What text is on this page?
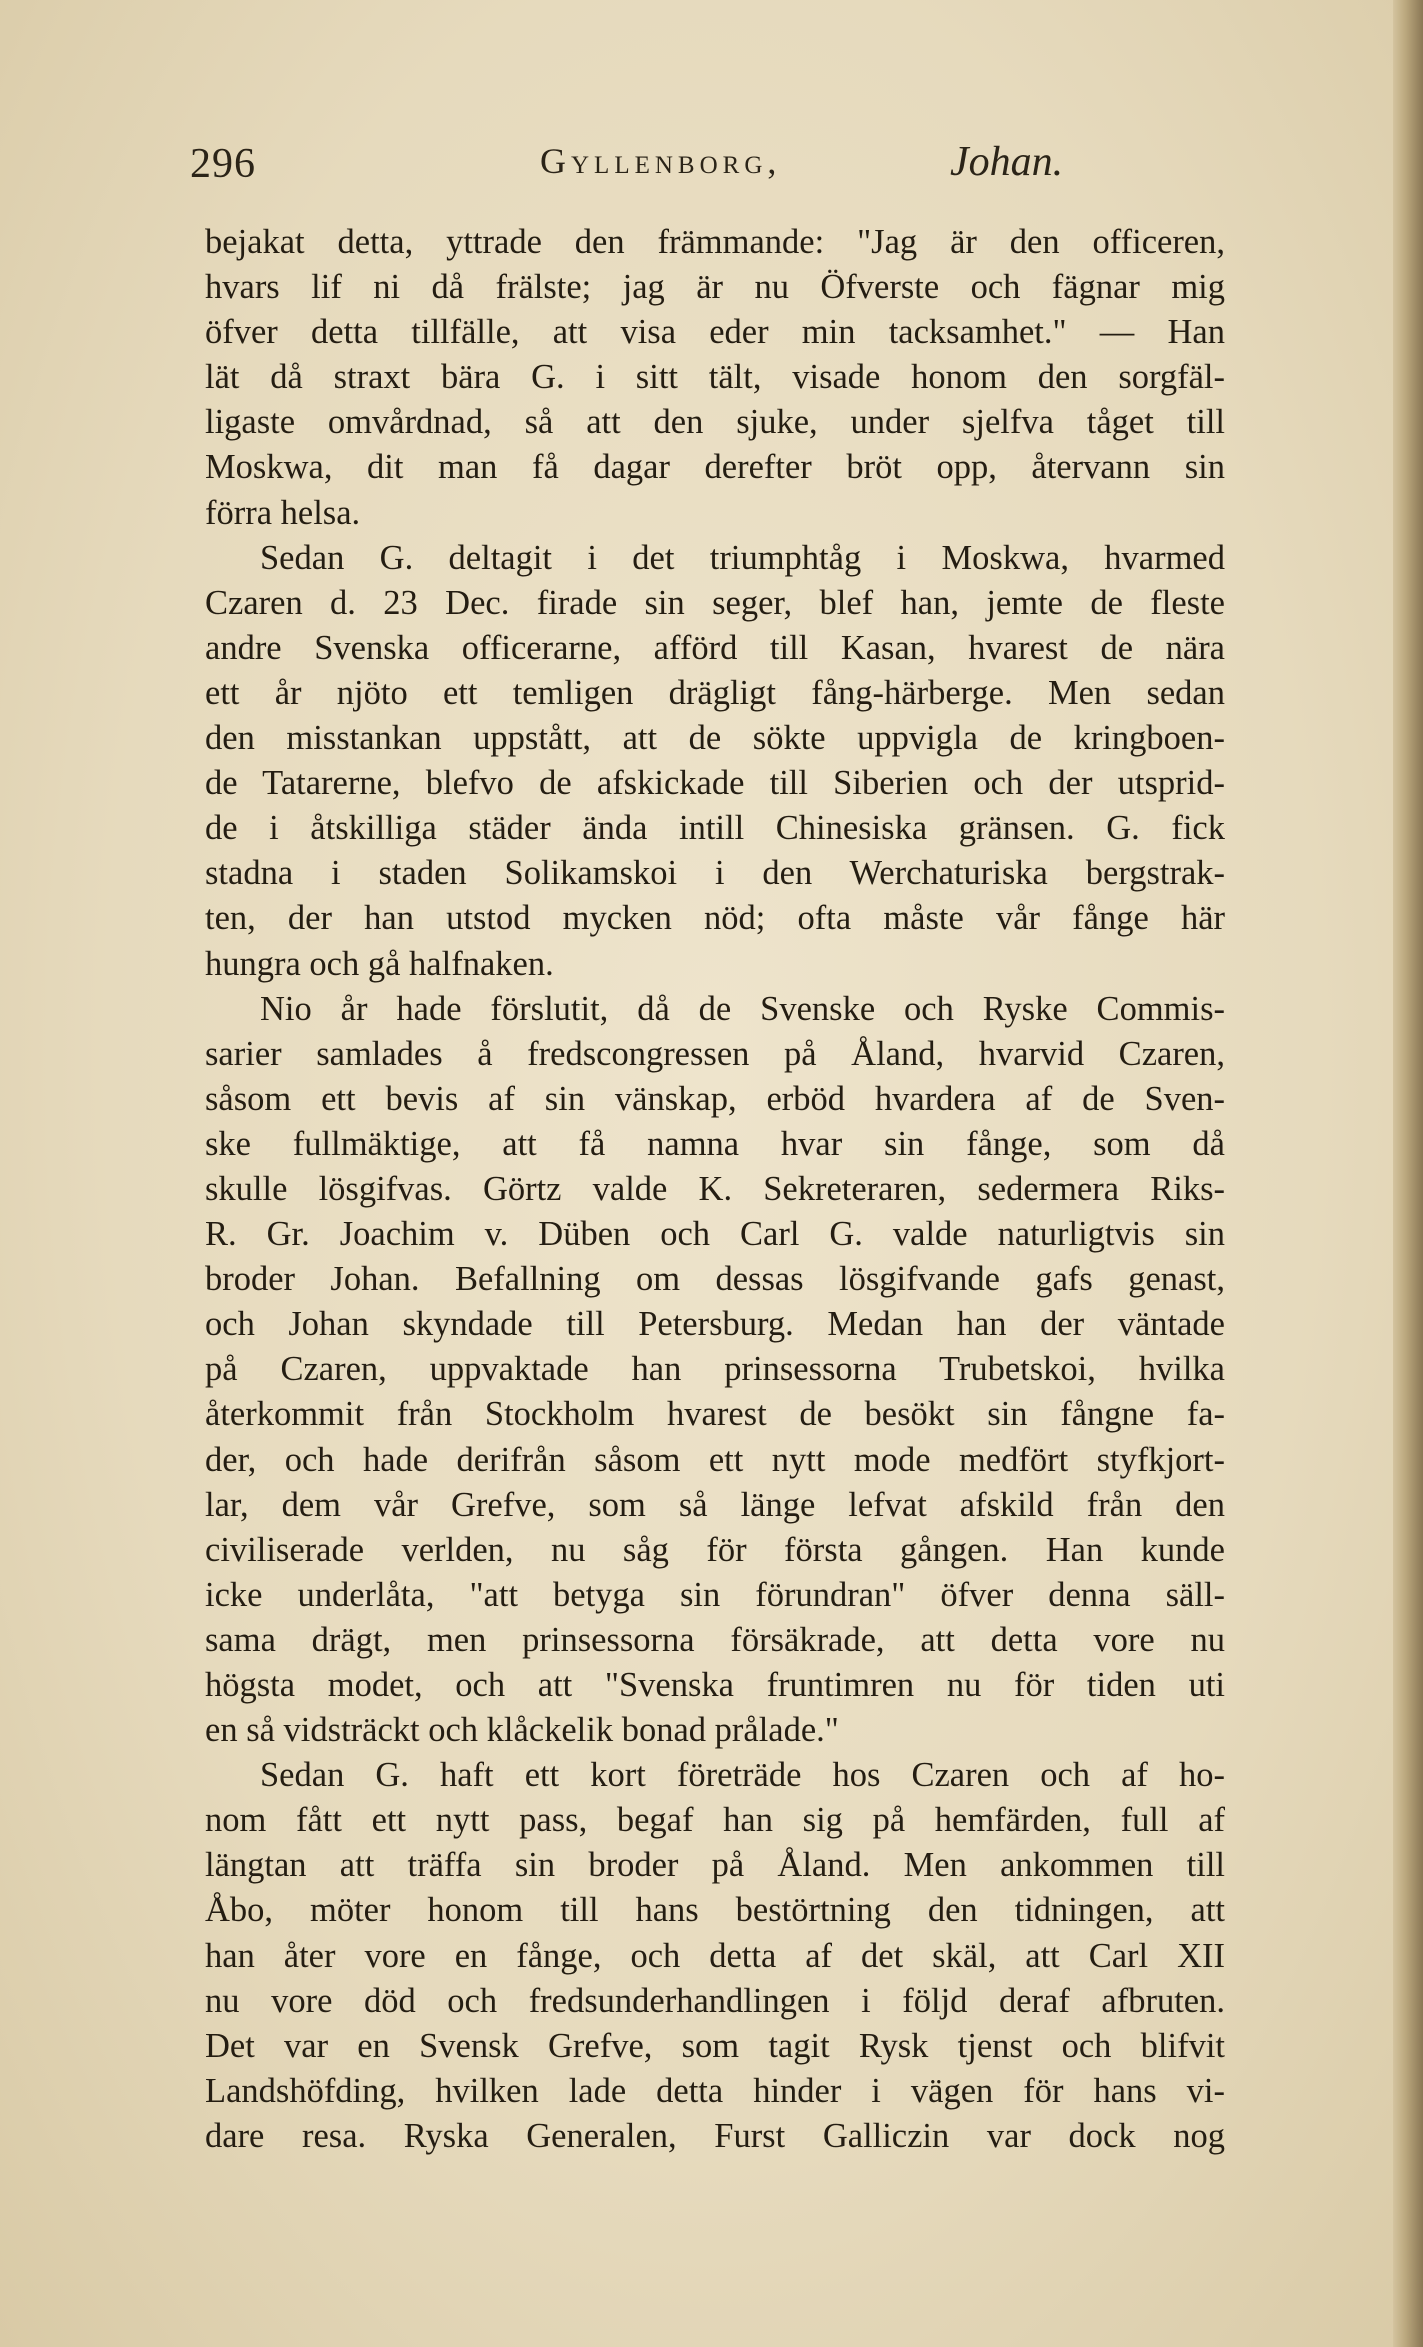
296	Gyllenborg,	Johan.
bejakat detta, yttrade den främmande: "Jag är den officeren,
hvars lif ni då frälste; jag är nu Öfverste och fägnar mig
öfver detta tillfälle, att visa eder min tacksamhet." — Han
lät då straxt bära G. i sitt tält, visade honom den sorgfäl-
ligaste omvårdnad, så att den sjuke, under sjelfva tåget till
Moskwa, dit man få dagar derefter bröt opp, återvann sin
förra helsa.
Sedan G. deltagit i det triumphtåg i Moskwa, hvarmed
Czaren d. 23 Dec. firade sin seger, blef han, jemte de fleste
andre Svenska officerarne, afförd till Kasan, hvarest de nära
ett år njöto ett temligen drägligt fång-härberge. Men sedan
den misstankan uppstått, att de sökte uppvigla de kringboen-
de Tatarerne, blefvo de afskickade till Siberien och der utsprid-
de i åtskilliga städer ända intill Chinesiska gränsen. G. fick
stadna i staden Solikamskoi i den Werchaturiska bergstrak-
ten, der han utstod mycken nöd; ofta måste vår fånge här
hungra och gå halfnaken.
Nio år hade förslutit, då de Svenske och Ryske Commis-
sarier samlades å fredscongressen på Åland, hvarvid Czaren,
såsom ett bevis af sin vänskap, erböd hvardera af de Sven-
ske fullmäktige, att få namna hvar sin fånge, som då
skulle lösgifvas. Görtz valde K. Sekreteraren, sedermera Riks-
R. Gr. Joachim v. Düben och Carl G. valde naturligtvis sin
broder Johan. Befallning om dessas lösgifvande gafs genast,
och Johan skyndade till Petersburg. Medan han der väntade
på Czaren, uppvaktade han prinsessorna Trubetskoi, hvilka
återkommit från Stockholm hvarest de besökt sin fångne fa-
der, och hade derifrån såsom ett nytt mode medfört styfkjort-
lar, dem vår Grefve, som så länge lefvat afskild från den
civiliserade verlden, nu såg för första gången. Han kunde
icke underlåta, "att betyga sin förundran" öfver denna säll-
sama drägt, men prinsessorna försäkrade, att detta vore nu
högsta modet, och att "Svenska fruntimren nu för tiden uti
en så vidsträckt och klåckelik bonad prålade."
Sedan G. haft ett kort företräde hos Czaren och af ho-
nom fått ett nytt pass, begaf han sig på hemfärden, full af
längtan att träffa sin broder på Åland. Men ankommen till
Åbo, möter honom till hans bestörtning den tidningen, att
han åter vore en fånge, och detta af det skäl, att Carl XII
nu vore död och fredsunderhandlingen i följd deraf afbruten.
Det var en Svensk Grefve, som tagit Rysk tjenst och blifvit
Landshöfding, hvilken lade detta hinder i vägen för hans vi-
dare resa. Ryska Generalen, Furst Galliczin var dock nog
